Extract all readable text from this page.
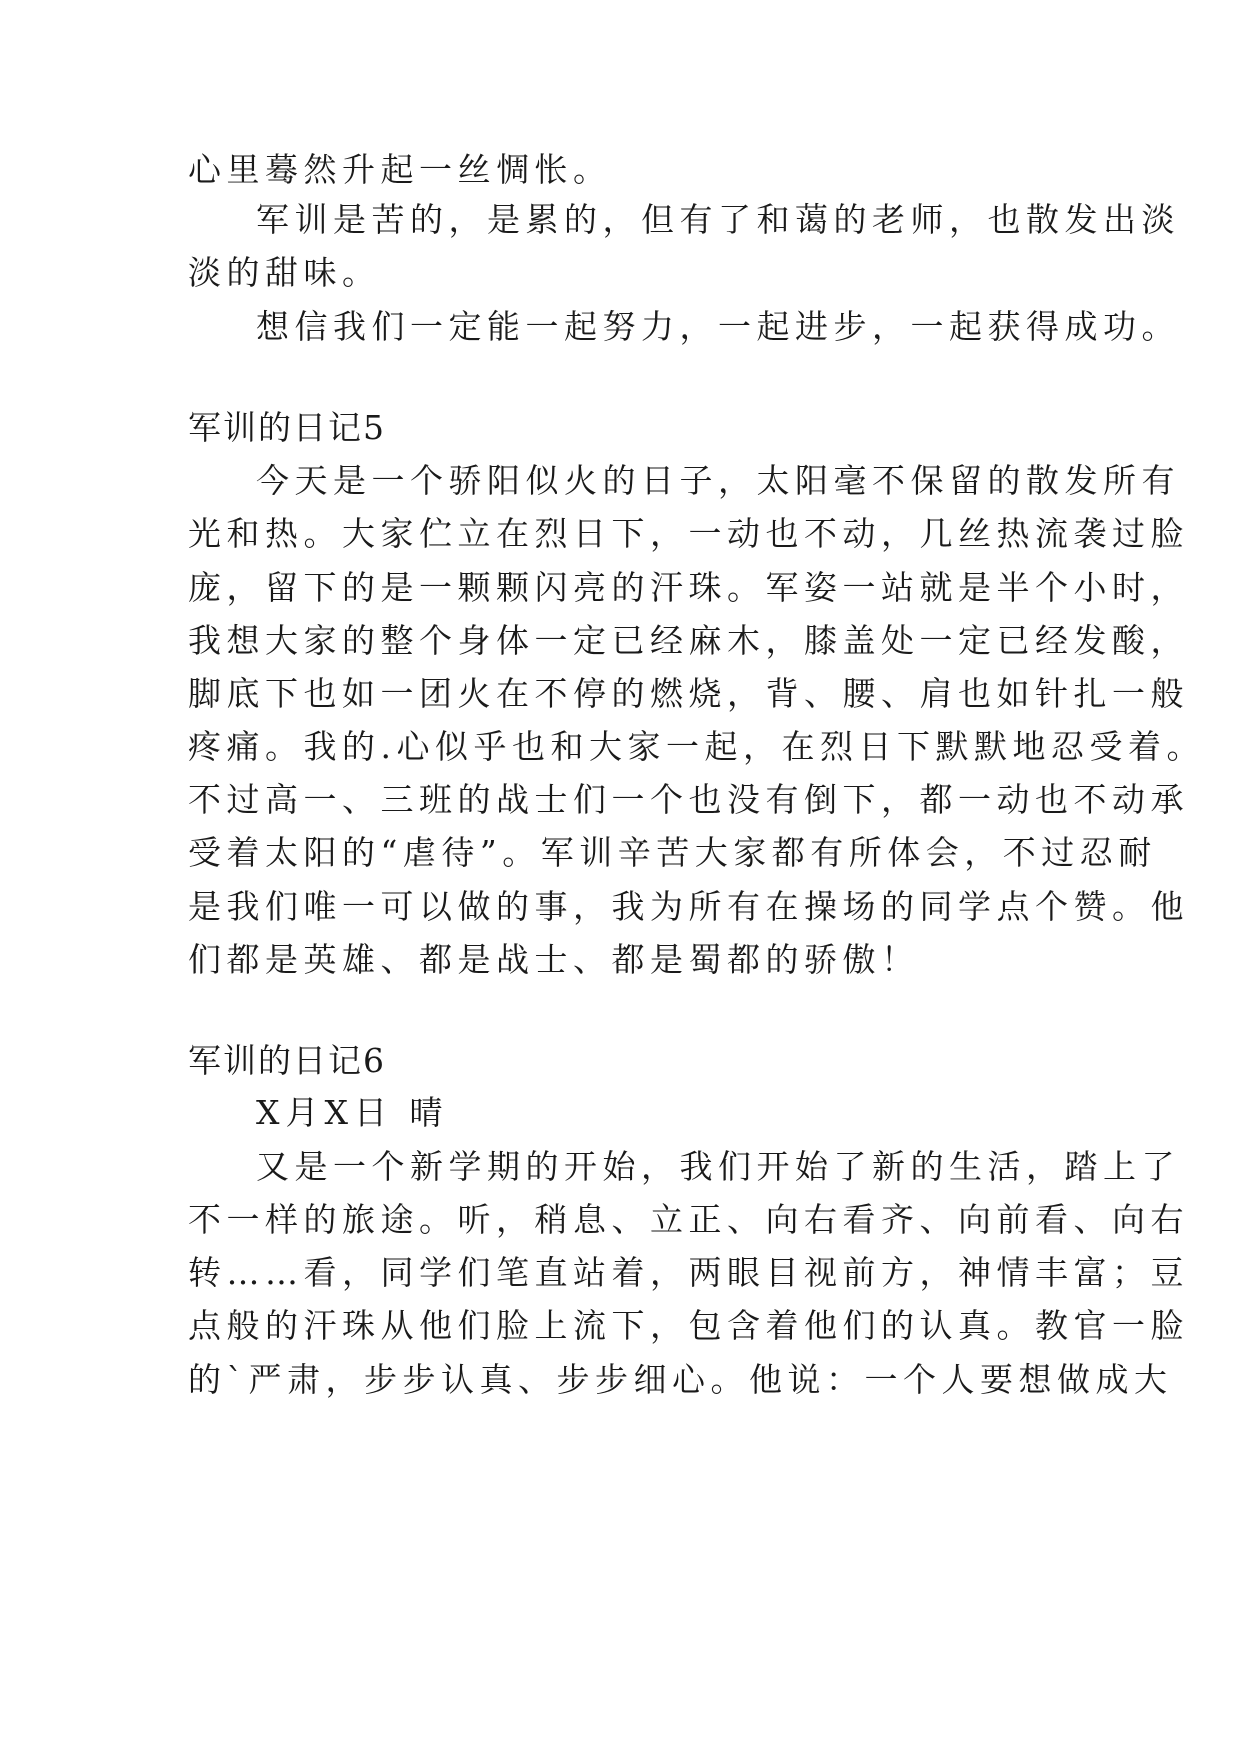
心里蓦然升起一丝惆怅。
军训是苦的，是累的，但有了和蔼的老师，也散发出淡
淡的甜味。
想信我们一定能一起努力，一起进步，一起获得成功。
军训的日记5
今天是一个骄阳似火的日子，太阳毫不保留的散发所有
光和热。大家伫立在烈日下，一动也不动，几丝热流袭过脸
庞，留下的是一颗颗闪亮的汗珠。军姿一站就是半个小时，
我想大家的整个身体一定已经麻木，膝盖处一定已经发酸，
脚底下也如一团火在不停的燃烧，背、腰、肩也如针扎一般
疼痛。我的.心似乎也和大家一起，在烈日下默默地忍受着。
不过高一、三班的战士们一个也没有倒下，都一动也不动承
受着太阳的“虐待”。军训辛苦大家都有所体会，不过忍耐
是我们唯一可以做的事，我为所有在操场的同学点个赞。他
们都是英雄、都是战士、都是蜀都的骄傲！
军训的日记6
X月X日 晴
又是一个新学期的开始，我们开始了新的生活，踏上了
不一样的旅途。听，稍息、立正、向右看齐、向前看、向右
转……看，同学们笔直站着，两眼目视前方，神情丰富；豆
点般的汗珠从他们脸上流下，包含着他们的认真。教官一脸
的`严肃，步步认真、步步细心。他说：一个人要想做成大
